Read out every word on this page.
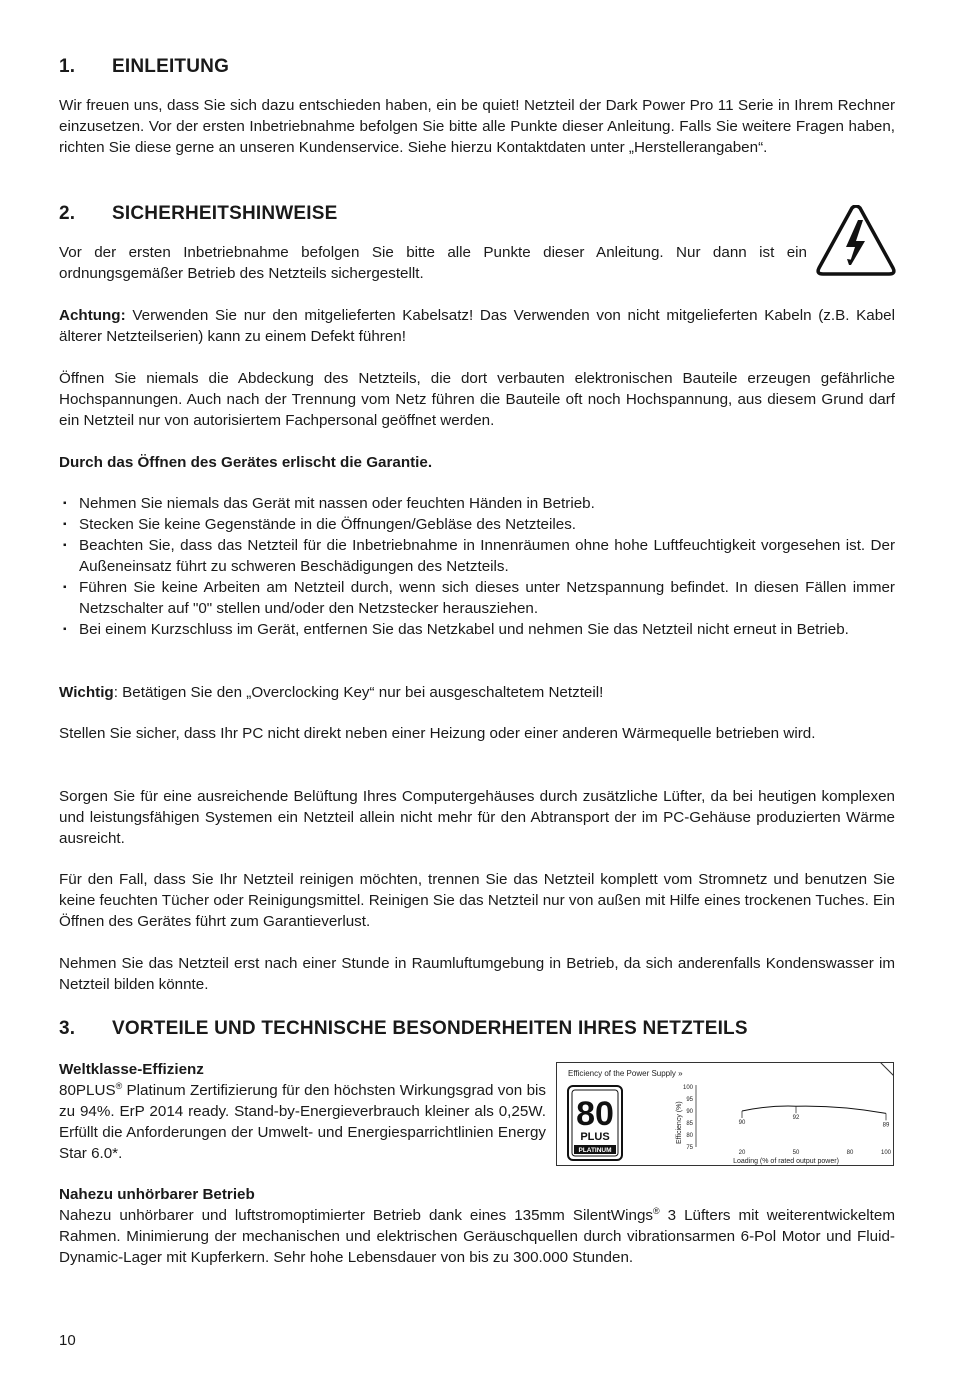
1. EINLEITUNG
Wir freuen uns, dass Sie sich dazu entschieden haben, ein be quiet! Netzteil der Dark Power Pro 11 Serie in Ihrem Rechner einzusetzen. Vor der ersten Inbetriebnahme befolgen Sie bitte alle Punkte dieser Anleitung. Falls Sie weitere Fragen haben, richten Sie diese gerne an unseren Kundenservice. Siehe hierzu Kontaktdaten unter „Herstellerangaben“.
2. SICHERHEITSHINWEISE
Vor der ersten Inbetriebnahme befolgen Sie bitte alle Punkte dieser Anleitung. Nur dann ist ein ordnungsgemäßer Betrieb des Netzteils sichergestellt.
Achtung: Verwenden Sie nur den mitgelieferten Kabelsatz! Das Verwenden von nicht mitgelieferten Kabeln (z.B. Kabel älterer Netzteilserien) kann zu einem Defekt führen!
Öffnen Sie niemals die Abdeckung des Netzteils, die dort verbauten elektronischen Bauteile erzeugen gefährliche Hochspannungen. Auch nach der Trennung vom Netz führen die Bauteile oft noch Hochspannung, aus diesem Grund darf ein Netzteil nur von autorisiertem Fachpersonal geöffnet werden.
Durch das Öffnen des Gerätes erlischt die Garantie.
▪ Nehmen Sie niemals das Gerät mit nassen oder feuchten Händen in Betrieb.
▪ Stecken Sie keine Gegenstände in die Öffnungen/Gebläse des Netzteiles.
▪ Beachten Sie, dass das Netzteil für die Inbetriebnahme in Innenräumen ohne hohe Luftfeuchtigkeit vorgesehen ist. Der Außeneinsatz führt zu schweren Beschädigungen des Netzteils.
▪ Führen Sie keine Arbeiten am Netzteil durch, wenn sich dieses unter Netzspannung befindet. In diesen Fällen immer Netzschalter auf "0" stellen und/oder den Netzstecker herausziehen.
▪ Bei einem Kurzschluss im Gerät, entfernen Sie das Netzkabel und nehmen Sie das Netzteil nicht erneut in Betrieb.
Wichtig: Betätigen Sie den „Overclocking Key“ nur bei ausgeschaltetem Netzteil!
Stellen Sie sicher, dass Ihr PC nicht direkt neben einer Heizung oder einer anderen Wärmequelle betrieben wird.
Sorgen Sie für eine ausreichende Belüftung Ihres Computergehäuses durch zusätzliche Lüfter, da bei heutigen komplexen und leistungsfähigen Systemen ein Netzteil allein nicht mehr für den Abtransport der im PC-Gehäuse produzierten Wärme ausreicht.
Für den Fall, dass Sie Ihr Netzteil reinigen möchten, trennen Sie das Netzteil komplett vom Stromnetz und benutzen Sie keine feuchten Tücher oder Reinigungsmittel. Reinigen Sie das Netzteil nur von außen mit Hilfe eines trockenen Tuches. Ein Öffnen des Gerätes führt zum Garantieverlust.
Nehmen Sie das Netzteil erst nach einer Stunde in Raumluftumgebung in Betrieb, da sich anderenfalls Kondenswasser im Netzteil bilden könnte.
3. VORTEILE UND TECHNISCHE BESONDERHEITEN IHRES NETZTEILS
Weltklasse-Effizienz
80PLUS® Platinum Zertifizierung für den höchsten Wirkungsgrad von bis zu 94%. ErP 2014 ready. Stand-by-Energieverbrauch kleiner als 0,25W. Erfüllt die Anforderungen der Umwelt- und Energiesparrichtlinien Energy Star 6.0*.
Efficiency of the Power Supply »
80
PLUS
PLATINUM
Efficiency (%)
100
95
90
85
80
75
20	50	80	100
90
92
89
Loading (% of rated output power)
Nahezu unhörbarer Betrieb
Nahezu unhörbarer und luftstromoptimierter Betrieb dank eines 135mm SilentWings® 3 Lüfters mit weiterentwickeltem Rahmen. Minimierung der mechanischen und elektrischen Geräuschquellen durch vibrationsarmen 6-Pol Motor und Fluid-Dynamic-Lager mit Kupferkern. Sehr hohe Lebensdauer von bis zu 300.000 Stunden.
10
